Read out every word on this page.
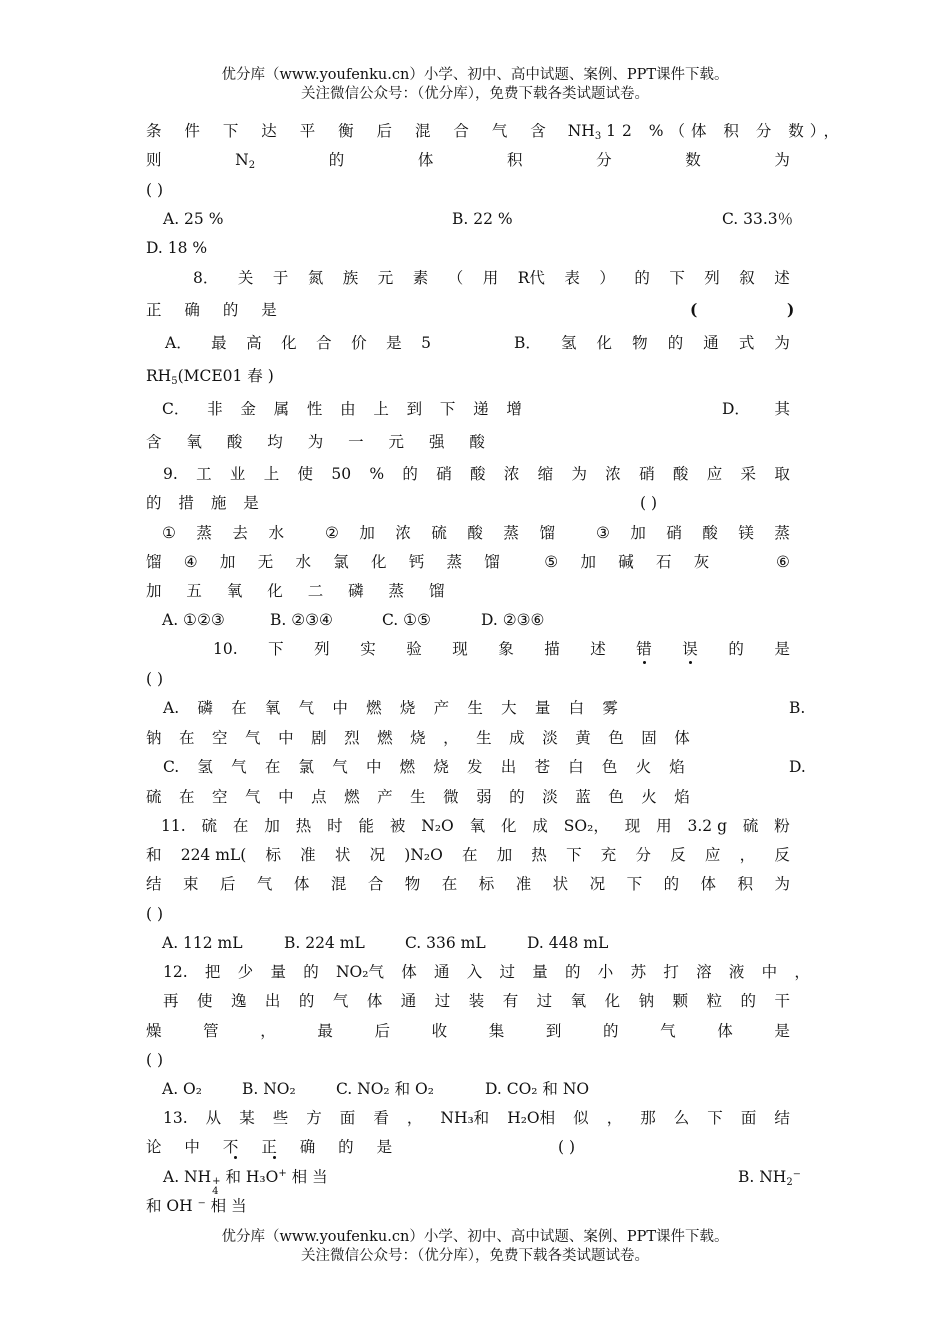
优分库（www.youfenku.cn）小学、初中、高中试题、案例、PPT课件下载。
关注微信公众号：（优分库），免费下载各类试题试卷。
条 件 下 达 平 衡 后 混 合 气 含 $NH_3$ 12 %（体 积 分 数），
则	$N_2$	的	体	积	分	数	为
( )
A. 25 %	B. 22 %	C. 33.3％
D. 18 %
8． 关 于 氮 族 元 素 （ 用 R代 表 ） 的 下 列 叙 述
正 确 的 是	(	)
A． 最 高 化 合 价 是 5	B． 氢 化 物 的 通 式 为
$RH_5(MCE01$ 春 )
C． 非 金 属 性 由 上 到 下 递 增	D． 其
含 氧 酸 均 为 一 元 强 酸
9. 工 业 上 使 50 % 的 硝 酸 浓 缩 为 浓 硝 酸 应 采 取
的 措 施 是	( )
① 蒸 去 水	② 加 浓 硫 酸 蒸 馏	③ 加 硝 酸 镁 蒸
馏 ④ 加 无 水 氯 化 钙 蒸 馏	⑤ 加 碱 石 灰	⑥
加 五 氧 化 二 磷 蒸 馏
A. ①②③	B. ②③④	C. ①⑤	D. ②③⑥
10. 下 列 实 验 现 象 描 述 错 误 的 是
( )
A. 磷 在 氧 气 中 燃 烧 产 生 大 量 白 雾	B.
钠 在 空 气 中 剧 烈 燃 烧 ， 生 成 淡 黄 色 固 体
C. 氢 气 在 氯 气 中 燃 烧 发 出 苍 白 色 火 焰	D.
硫 在 空 气 中 点 燃 产 生 微 弱 的 淡 蓝 色 火 焰
11. 硫 在 加 热 时 能 被 N₂O 氧 化 成 SO₂， 现 用 3.2 g 硫 粉
和 224 mL( 标 准 状 况 )N₂O 在 加 热 下 充 分 反 应 ， 反
结 束 后 气 体 混 合 物 在 标 准 状 况 下 的 体 积 为
( )
A. 112 mL	B. 224 mL	C. 336 mL	D. 448 mL
12. 把 少 量 的 NO₂气 体 通 入 过 量 的 小 苏 打 溶 液 中 ，
再 使 逸 出 的 气 体 通 过 装 有 过 氧 化 钠 颗 粒 的 干
燥	管	，	最	后	收	集	到	的	气	体	是
( )
A. O₂	B. NO₂	C. NO₂ 和 O₂	D. CO₂ 和 NO
13. 从 某 些 方 面 看 ， NH₃和 H₂O相 似 ， 那 么 下 面 结
论 中 不 正 确 的 是	( )
A. NH +
4
和 H₃O+ 相 当	B. $NH_2^-$
和 OH ⁻ 相 当
优分库（www.youfenku.cn）小学、初中、高中试题、案例、PPT课件下载。
关注微信公众号：（优分库），免费下载各类试题试卷。
